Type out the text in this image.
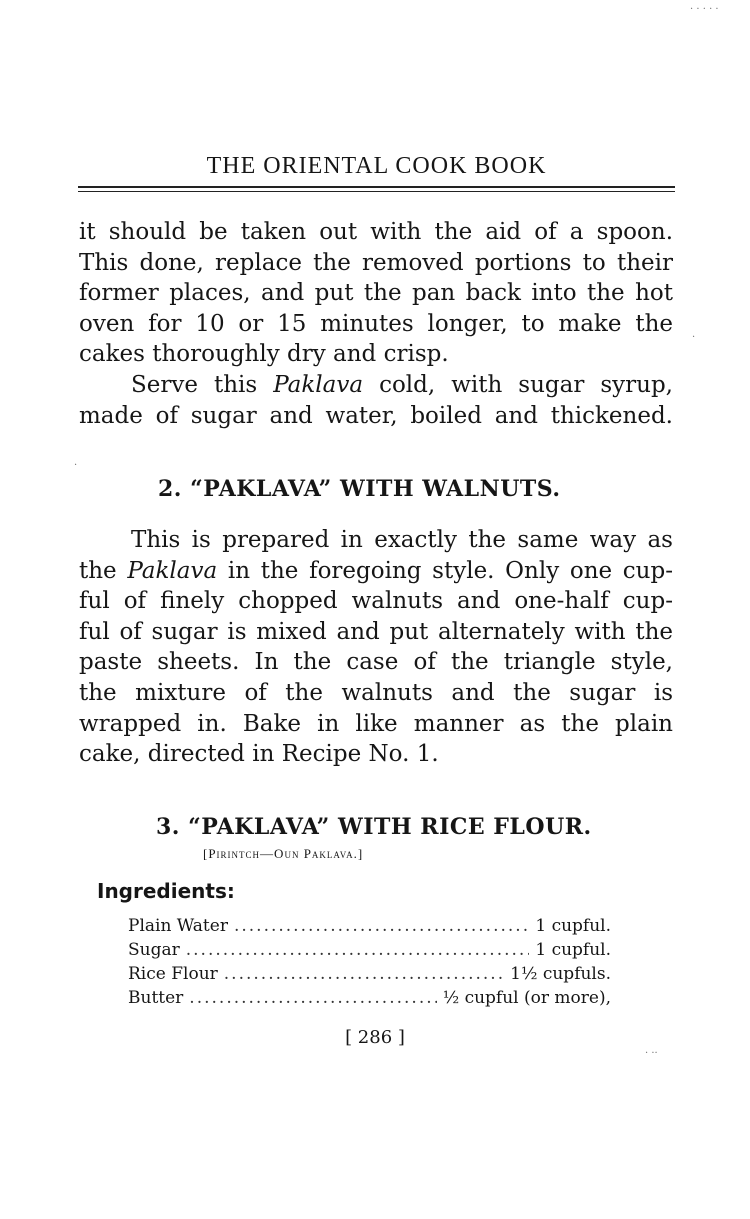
THE ORIENTAL COOK BOOK
it should be taken out with the aid of a spoon.
This done, replace the removed portions to their
former places, and put the pan back into the hot
oven for 10 or 15 minutes longer, to make the
cakes thoroughly dry and crisp.
Serve this Paklava cold, with sugar syrup,
made of sugar and water, boiled and thickened.
2. “PAKLAVA” WITH WALNUTS.
This is prepared in exactly the same way as
the Paklava in the foregoing style. Only one cup-
ful of finely chopped walnuts and one-half cup-
ful of sugar is mixed and put alternately with the
paste sheets. In the case of the triangle style,
the mixture of the walnuts and the sugar is
wrapped in. Bake in like manner as the plain
cake, directed in Recipe No. 1.
3. “PAKLAVA” WITH RICE FLOUR.
[Pirintch—Oun Paklava.]
Ingredients:
Plain Water .....	1 cupful.
Sugar .....	1 cupful.
Rice Flour .....	1½ cupfuls.
Butter .....	½ cupful (or more),
[ 286 ]
· · · · ·
·
·
· ··
